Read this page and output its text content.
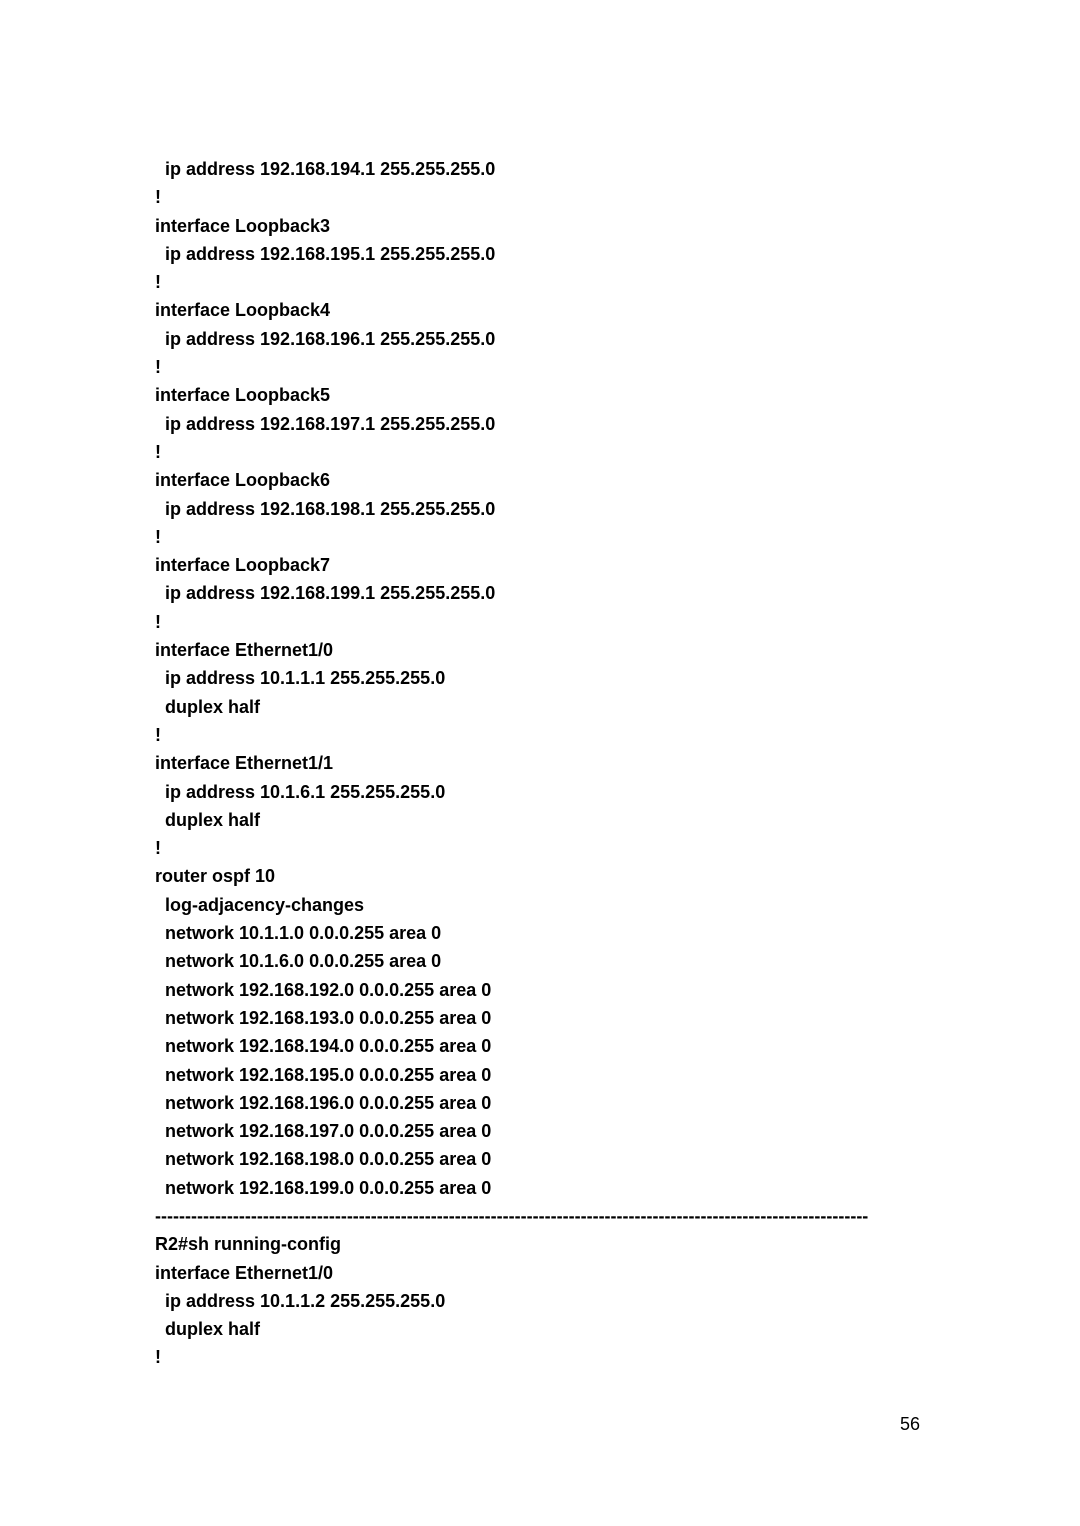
ip address 192.168.194.1 255.255.255.0
!
interface Loopback3
ip address 192.168.195.1 255.255.255.0
!
interface Loopback4
ip address 192.168.196.1 255.255.255.0
!
interface Loopback5
ip address 192.168.197.1 255.255.255.0
!
interface Loopback6
ip address 192.168.198.1 255.255.255.0
!
interface Loopback7
ip address 192.168.199.1 255.255.255.0
!
interface Ethernet1/0
ip address 10.1.1.1 255.255.255.0
duplex half
!
interface Ethernet1/1
ip address 10.1.6.1 255.255.255.0
duplex half
!
router ospf 10
log-adjacency-changes
network 10.1.1.0 0.0.0.255 area 0
network 10.1.6.0 0.0.0.255 area 0
network 192.168.192.0 0.0.0.255 area 0
network 192.168.193.0 0.0.0.255 area 0
network 192.168.194.0 0.0.0.255 area 0
network 192.168.195.0 0.0.0.255 area 0
network 192.168.196.0 0.0.0.255 area 0
network 192.168.197.0 0.0.0.255 area 0
network 192.168.198.0 0.0.0.255 area 0
network 192.168.199.0 0.0.0.255 area 0
-----------------------------------------------------------------------------------------------------------------------
R2#sh running-config
interface Ethernet1/0
ip address 10.1.1.2 255.255.255.0
duplex half
!
56
